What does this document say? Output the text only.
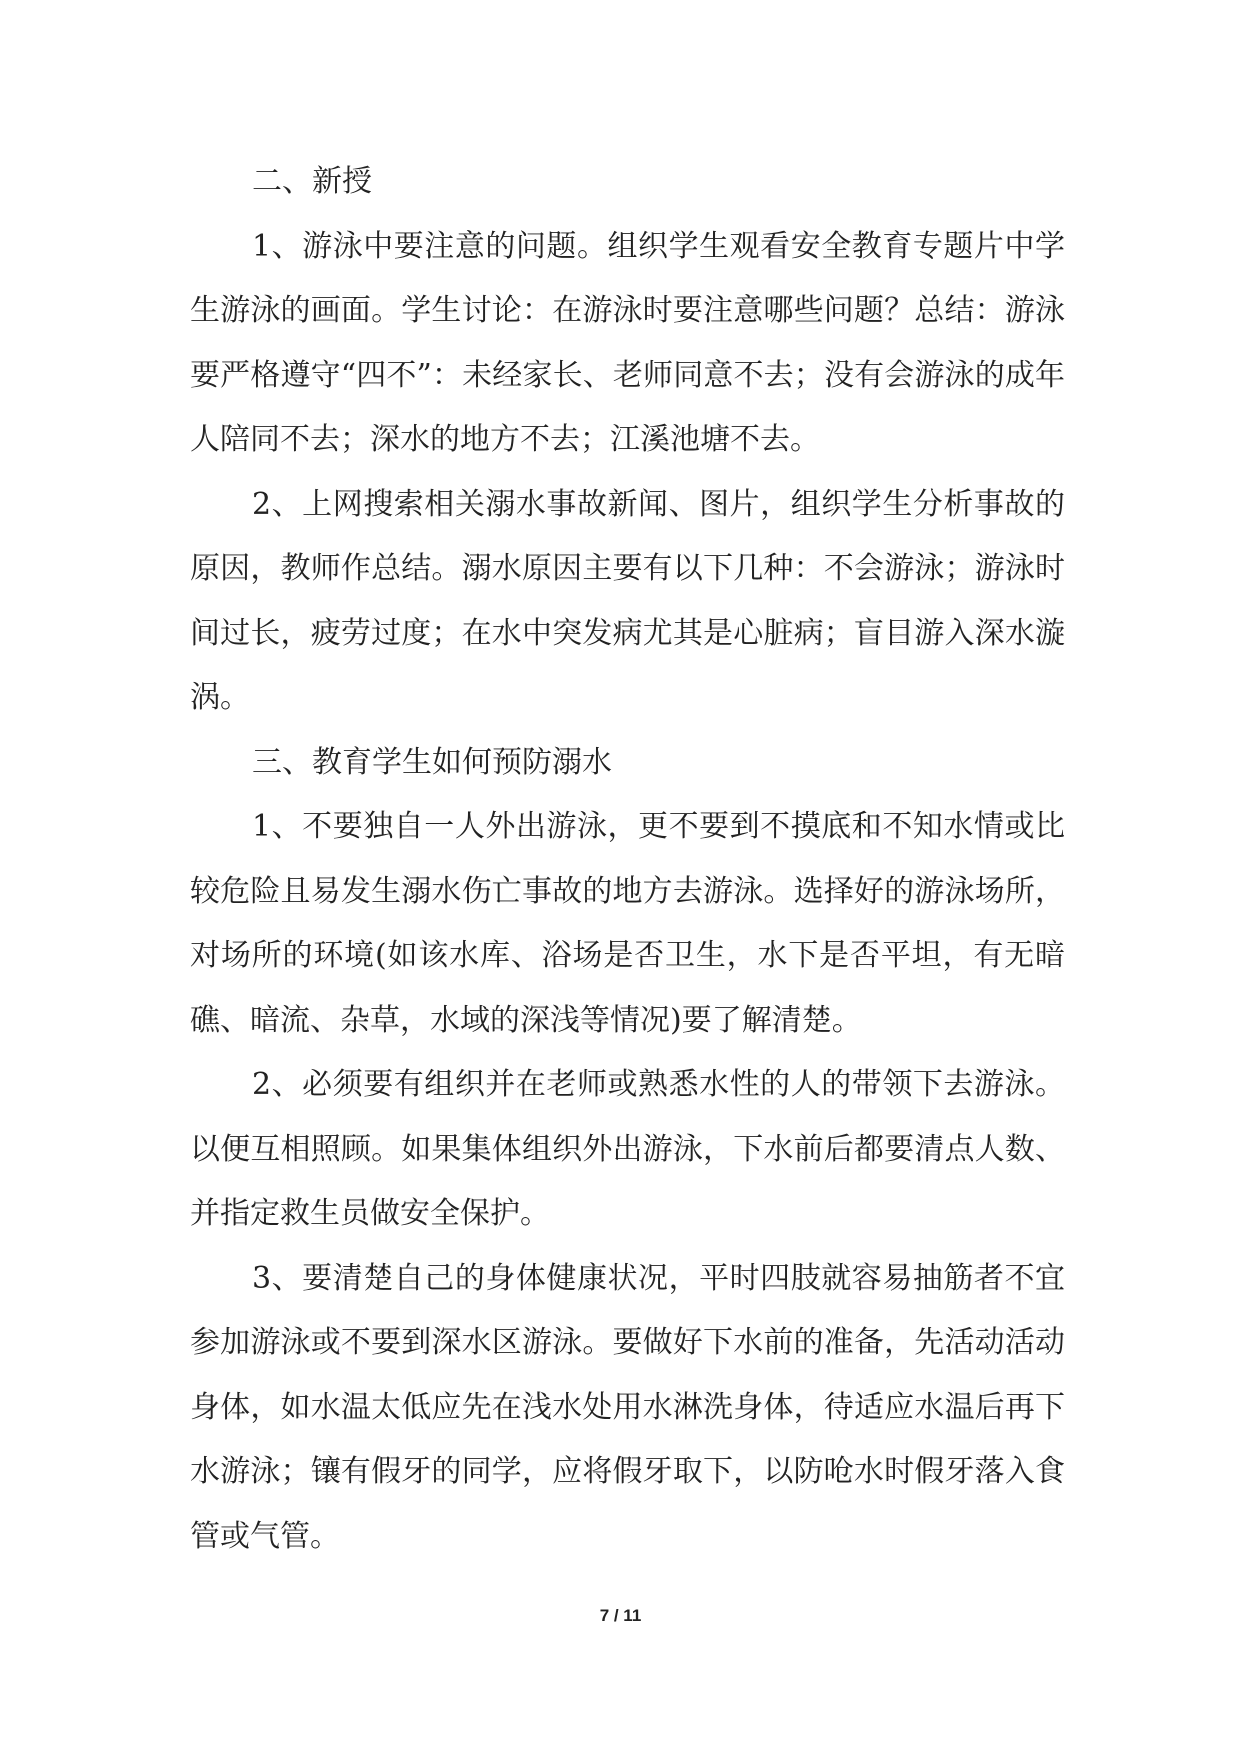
二、新授

1、游泳中要注意的问题。组织学生观看安全教育专题片中学生游泳的画面。学生讨论：在游泳时要注意哪些问题？总结：游泳要严格遵守“四不”：未经家长、老师同意不去；没有会游泳的成年人陪同不去；深水的地方不去；江溪池塘不去。

2、上网搜索相关溺水事故新闻、图片，组织学生分析事故的原因，教师作总结。溺水原因主要有以下几种：不会游泳；游泳时间过长，疲劳过度；在水中突发病尤其是心脏病；盲目游入深水漩涡。

三、教育学生如何预防溺水

1、不要独自一人外出游泳，更不要到不摸底和不知水情或比较危险且易发生溺水伤亡事故的地方去游泳。选择好的游泳场所，对场所的环境(如该水库、浴场是否卫生，水下是否平坦，有无暗礁、暗流、杂草，水域的深浅等情况)要了解清楚。

2、必须要有组织并在老师或熟悉水性的人的带领下去游泳。以便互相照顾。如果集体组织外出游泳，下水前后都要清点人数、并指定救生员做安全保护。

3、要清楚自己的身体健康状况，平时四肢就容易抽筋者不宜参加游泳或不要到深水区游泳。要做好下水前的准备，先活动活动身体，如水温太低应先在浅水处用水淋洗身体，待适应水温后再下水游泳；镶有假牙的同学，应将假牙取下，以防呛水时假牙落入食管或气管。

7 / 11
